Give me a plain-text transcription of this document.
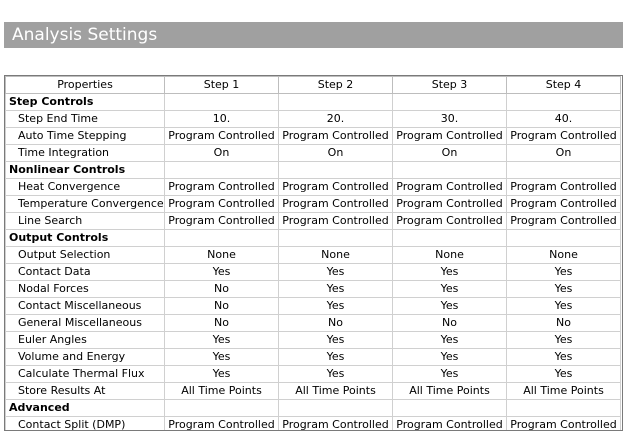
Analysis Settings
Properties	Step 1	Step 2	Step 3	Step 4
Step Controls				
Step End Time	10.	20.	30.	40.
Auto Time Stepping	Program Controlled	Program Controlled	Program Controlled	Program Controlled
Time Integration	On	On	On	On
Nonlinear Controls				
Heat Convergence	Program Controlled	Program Controlled	Program Controlled	Program Controlled
Temperature Convergence	Program Controlled	Program Controlled	Program Controlled	Program Controlled
Line Search	Program Controlled	Program Controlled	Program Controlled	Program Controlled
Output Controls				
Output Selection	None	None	None	None
Contact Data	Yes	Yes	Yes	Yes
Nodal Forces	No	Yes	Yes	Yes
Contact Miscellaneous	No	Yes	Yes	Yes
General Miscellaneous	No	No	No	No
Euler Angles	Yes	Yes	Yes	Yes
Volume and Energy	Yes	Yes	Yes	Yes
Calculate Thermal Flux	Yes	Yes	Yes	Yes
Store Results At	All Time Points	All Time Points	All Time Points	All Time Points
Advanced				
Contact Split (DMP)	Program Controlled	Program Controlled	Program Controlled	Program Controlled
